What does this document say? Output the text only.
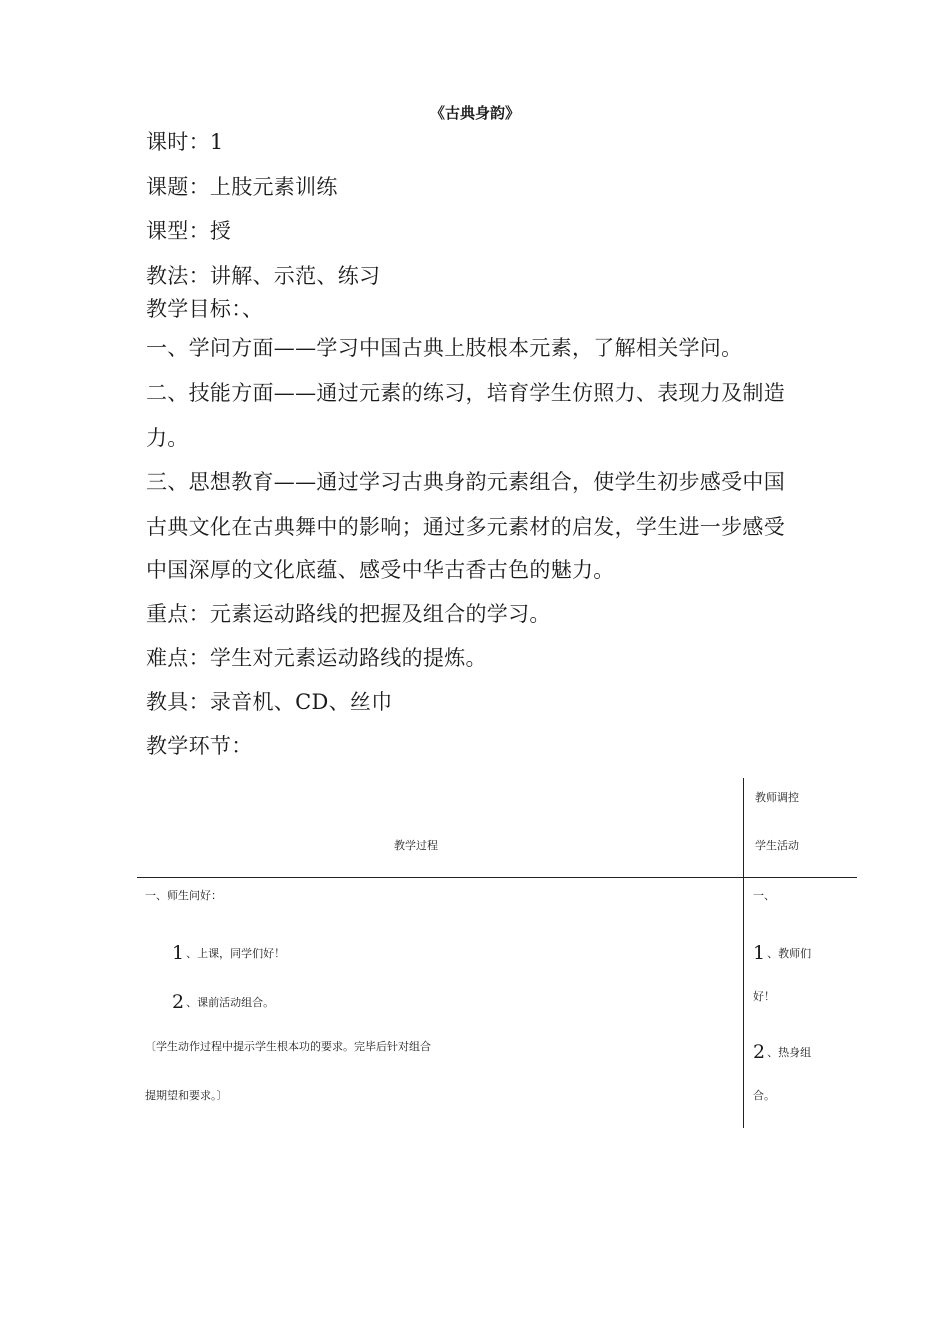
《古典身韵》
课时：1
课题：上肢元素训练
课型：授
教法：讲解、示范、练习
教学目标：、
一、学问方面——学习中国古典上肢根本元素，了解相关学问。
二、技能方面——通过元素的练习，培育学生仿照力、表现力及制造
力。
三、思想教育——通过学习古典身韵元素组合，使学生初步感受中国
古典文化在古典舞中的影响；通过多元素材的启发，学生进一步感受
中国深厚的文化底蕴、感受中华古香古色的魅力。
重点：元素运动路线的把握及组合的学习。
难点：学生对元素运动路线的提炼。
教具：录音机、CD、丝巾
教学环节：
教学过程
教师调控
学生活动
一、师生问好：
1 、上课，同学们好！
2 、课前活动组合。
〔学生动作过程中提示学生根本功的要求。完毕后针对组合
提期望和要求。〕
一、
1 、教师们
好！
2 、热身组
合。
